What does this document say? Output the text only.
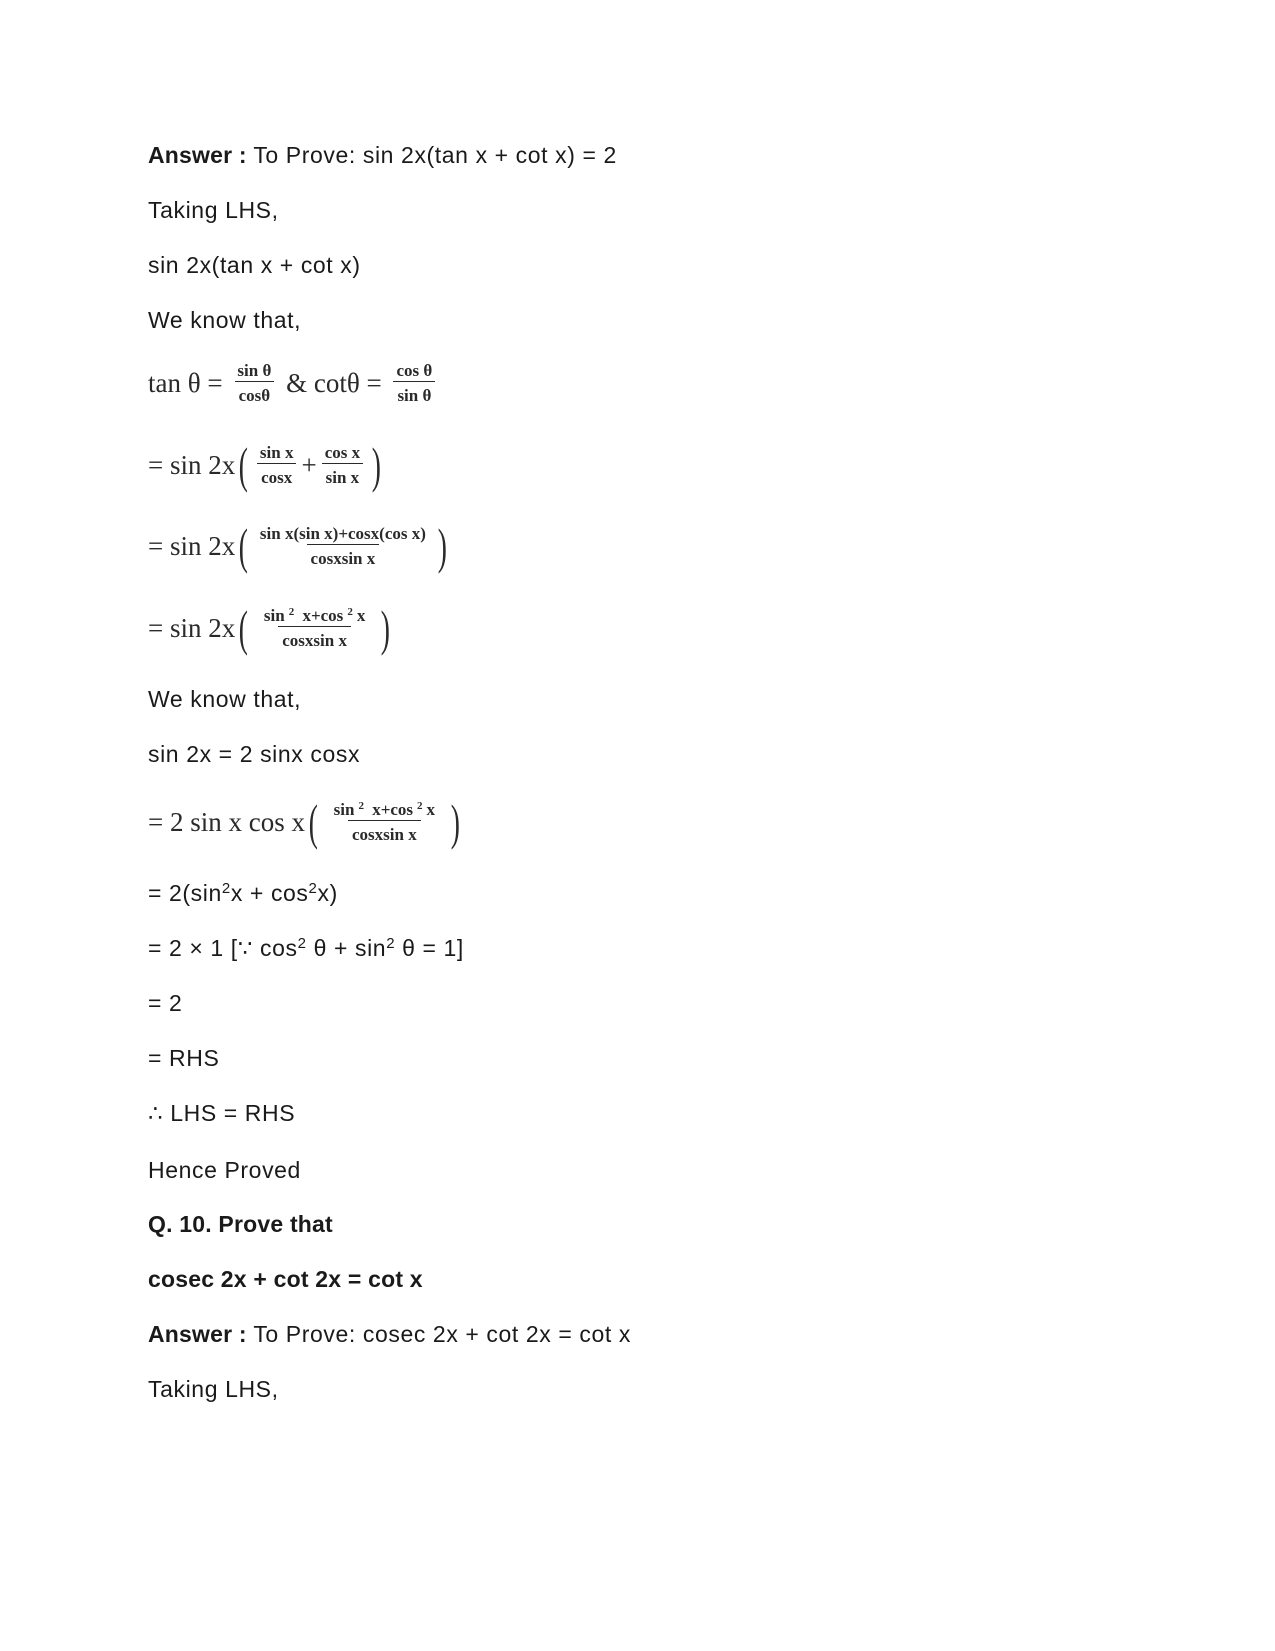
Answer : To Prove: sin 2x(tan x + cot x) = 2

Taking LHS,

sin 2x(tan x + cot x)

We know that,

$\tan \theta = \frac{\text{sin θ}}{\cos\theta}$ & $\cot\theta = \frac{\text{cos θ}}{\text{sin θ}}$
= sin 2x ( $\frac{\text{sin x}}{\cos x} + \frac{\text{cos x}}{\text{sin x}}$ )
= sin 2x ( $\frac{\text{sin x(sin x)+cosx(cos x)}}{\text{cosxsin x}}$ )
= sin 2x ( $\frac{\sin ^2 x+\cos ^2 x}{\text{cosxsin x}}$ )

We know that,

sin 2x = 2 sinx cosx

= 2 sin x cos x ( $\frac{\sin ^2 x+\cos ^2 x}{\text{cosxsin x}}$ )

= $2(\sin^2x + \cos^2x)$

= 2 × 1 [∵ $\cos^2 \theta + \sin^2 \theta = 1$]

= 2

= RHS

∴ LHS = RHS

Hence Proved

Q. 10. Prove that

cosec 2x + cot 2x = cot x

Answer : To Prove: cosec 2x + cot 2x = cot x

Taking LHS,
